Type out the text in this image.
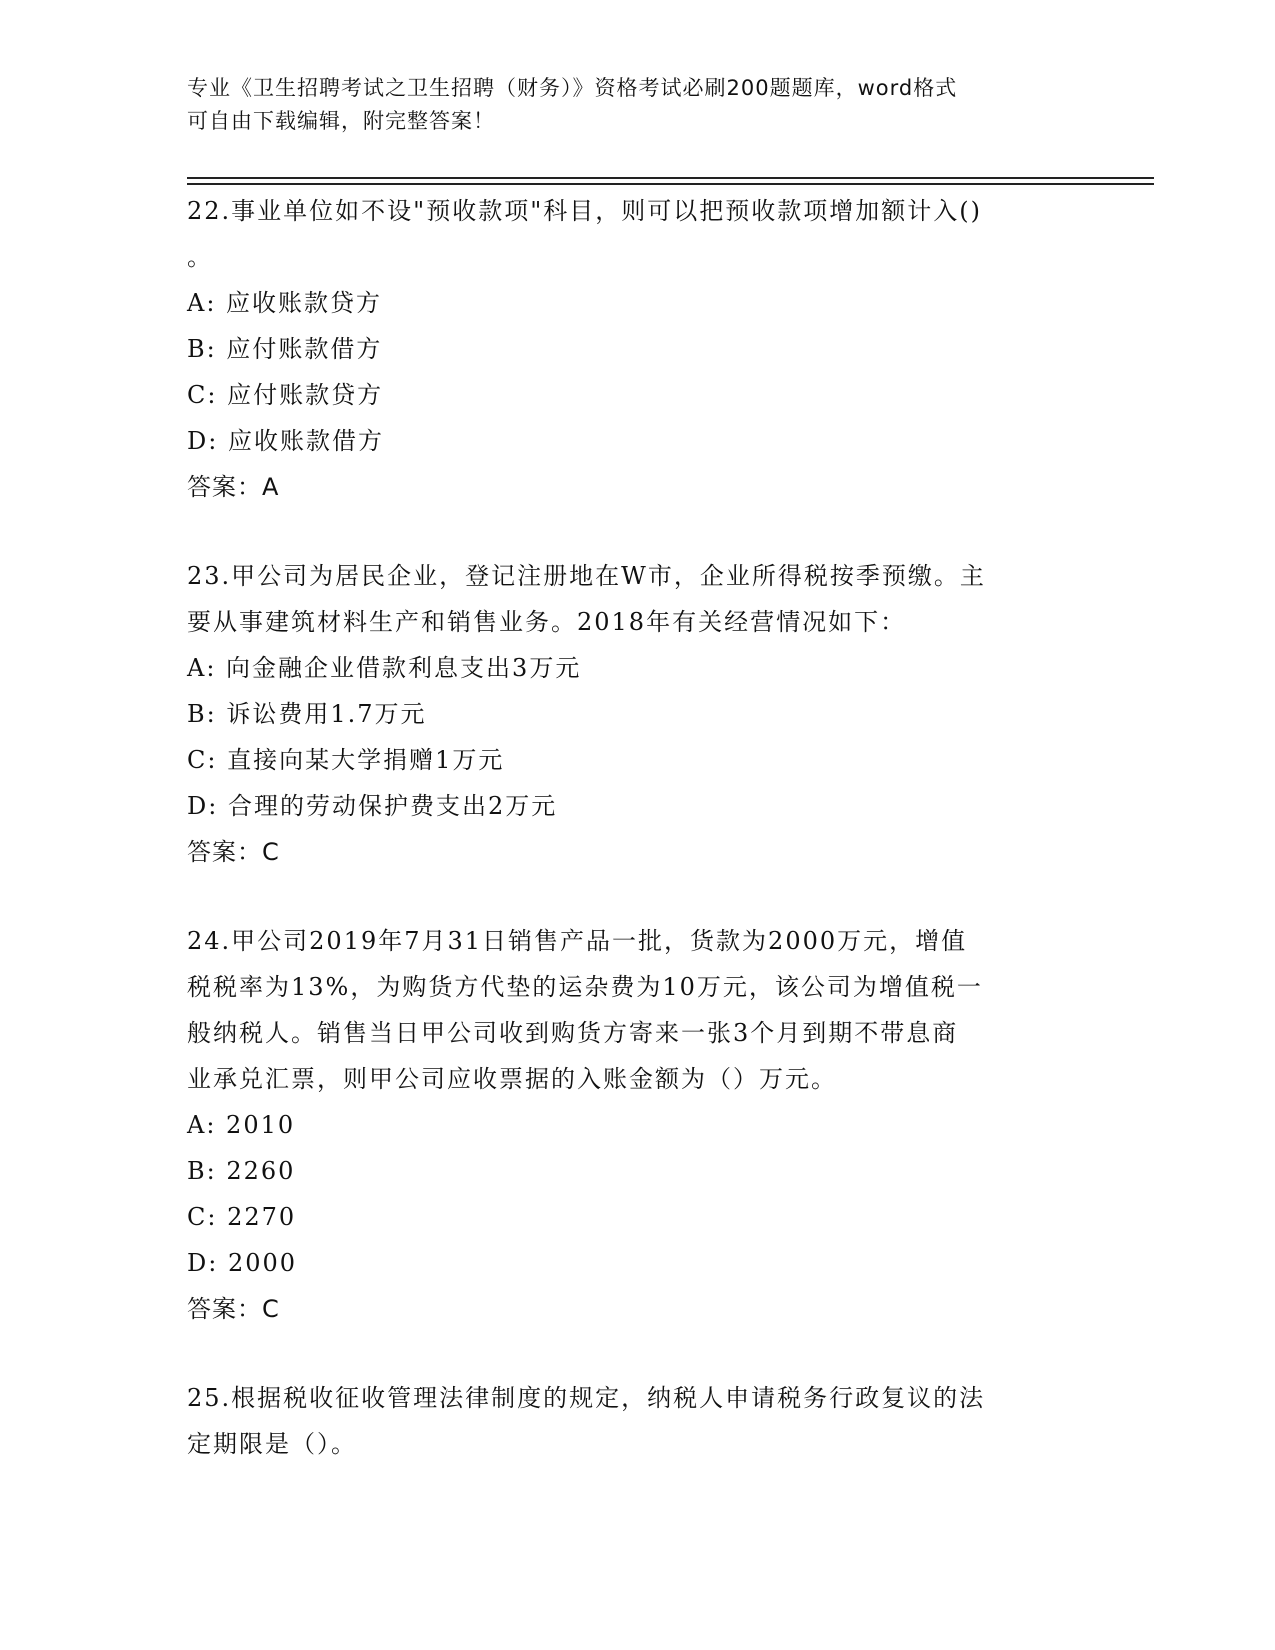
专业《卫生招聘考试之卫生招聘（财务）》资格考试必刷200题题库，word格式
可自由下载编辑，附完整答案！

22.事业单位如不设"预收款项"科目，则可以把预收款项增加额计入()

。

A: 应收账款贷方

B: 应付账款借方

C: 应付账款贷方

D: 应收账款借方

答案：A

23.甲公司为居民企业，登记注册地在W市，企业所得税按季预缴。主

要从事建筑材料生产和销售业务。2018年有关经营情况如下：

A: 向金融企业借款利息支出3万元

B: 诉讼费用1.7万元

C: 直接向某大学捐赠1万元

D: 合理的劳动保护费支出2万元

答案：C

24.甲公司2019年7月31日销售产品一批，货款为2000万元，增值

税税率为13%，为购货方代垫的运杂费为10万元，该公司为增值税一

般纳税人。销售当日甲公司收到购货方寄来一张3个月到期不带息商

业承兑汇票，则甲公司应收票据的入账金额为（）万元。

A: 2010

B: 2260

C: 2270

D: 2000

答案：C

25.根据税收征收管理法律制度的规定，纳税人申请税务行政复议的法

定期限是（）。
